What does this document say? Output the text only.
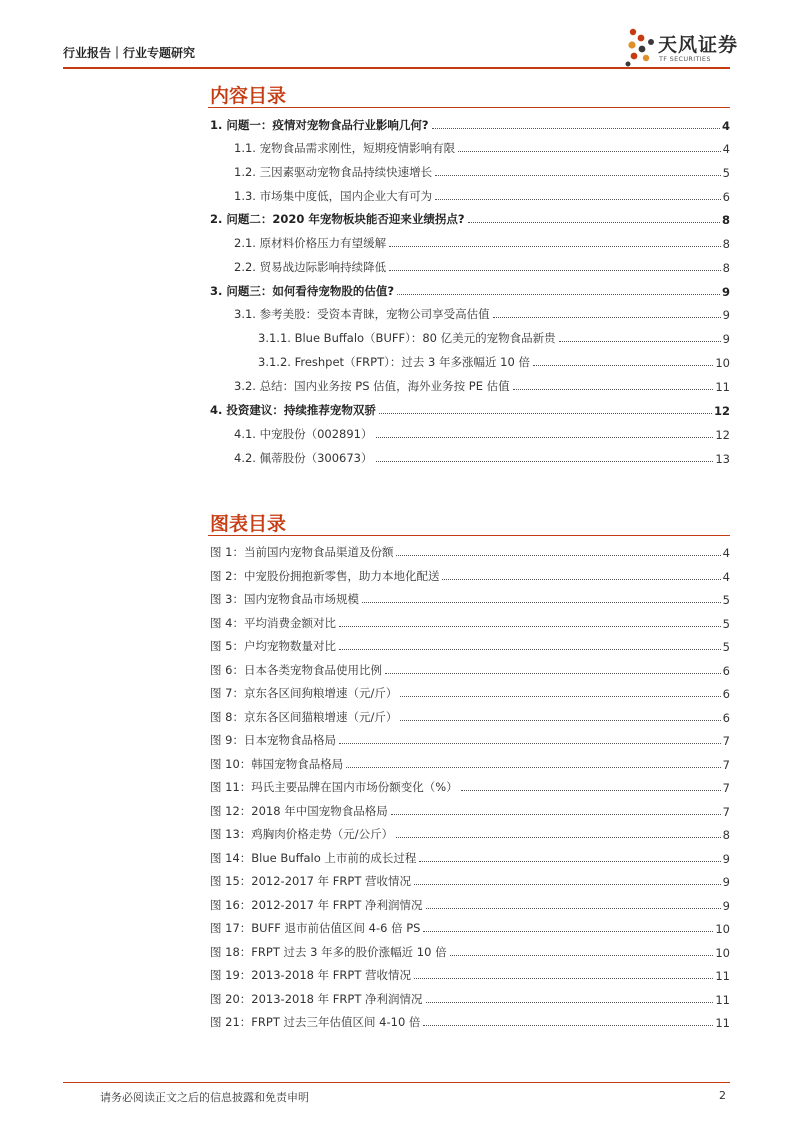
行业报告｜行业专题研究	天风证券
TF SECURITIES
内容目录
1. 问题一：疫情对宠物食品行业影响几何?	4
1.1. 宠物食品需求刚性，短期疫情影响有限	4
1.2. 三因素驱动宠物食品持续快速增长	5
1.3. 市场集中度低，国内企业大有可为	6
2. 问题二：2020 年宠物板块能否迎来业绩拐点?	8
2.1. 原材料价格压力有望缓解	8
2.2. 贸易战边际影响持续降低	8
3. 问题三：如何看待宠物股的估值?	9
3.1. 参考美股：受资本青睐，宠物公司享受高估值	9
3.1.1. Blue Buffalo（BUFF）：80 亿美元的宠物食品新贵	9
3.1.2. Freshpet（FRPT）：过去 3 年多涨幅近 10 倍	10
3.2. 总结：国内业务按 PS 估值，海外业务按 PE 估值	11
4. 投资建议：持续推荐宠物双骄	12
4.1. 中宠股份（002891）	12
4.2. 佩蒂股份（300673）	13
图表目录
图 1：当前国内宠物食品渠道及份额	4
图 2：中宠股份拥抱新零售，助力本地化配送	4
图 3：国内宠物食品市场规模	5
图 4：平均消费金额对比	5
图 5：户均宠物数量对比	5
图 6：日本各类宠物食品使用比例	6
图 7：京东各区间狗粮增速（元/斤）	6
图 8：京东各区间猫粮增速（元/斤）	6
图 9：日本宠物食品格局	7
图 10：韩国宠物食品格局	7
图 11：玛氏主要品牌在国内市场份额变化（%）	7
图 12：2018 年中国宠物食品格局	7
图 13：鸡胸肉价格走势（元/公斤）	8
图 14：Blue Buffalo 上市前的成长过程	9
图 15：2012-2017 年 FRPT 营收情况	9
图 16：2012-2017 年 FRPT 净利润情况	9
图 17：BUFF 退市前估值区间 4-6 倍 PS	10
图 18：FRPT 过去 3 年多的股价涨幅近 10 倍	10
图 19：2013-2018 年 FRPT 营收情况	11
图 20：2013-2018 年 FRPT 净利润情况	11
图 21：FRPT 过去三年估值区间 4-10 倍	11
请务必阅读正文之后的信息披露和免责申明	2
